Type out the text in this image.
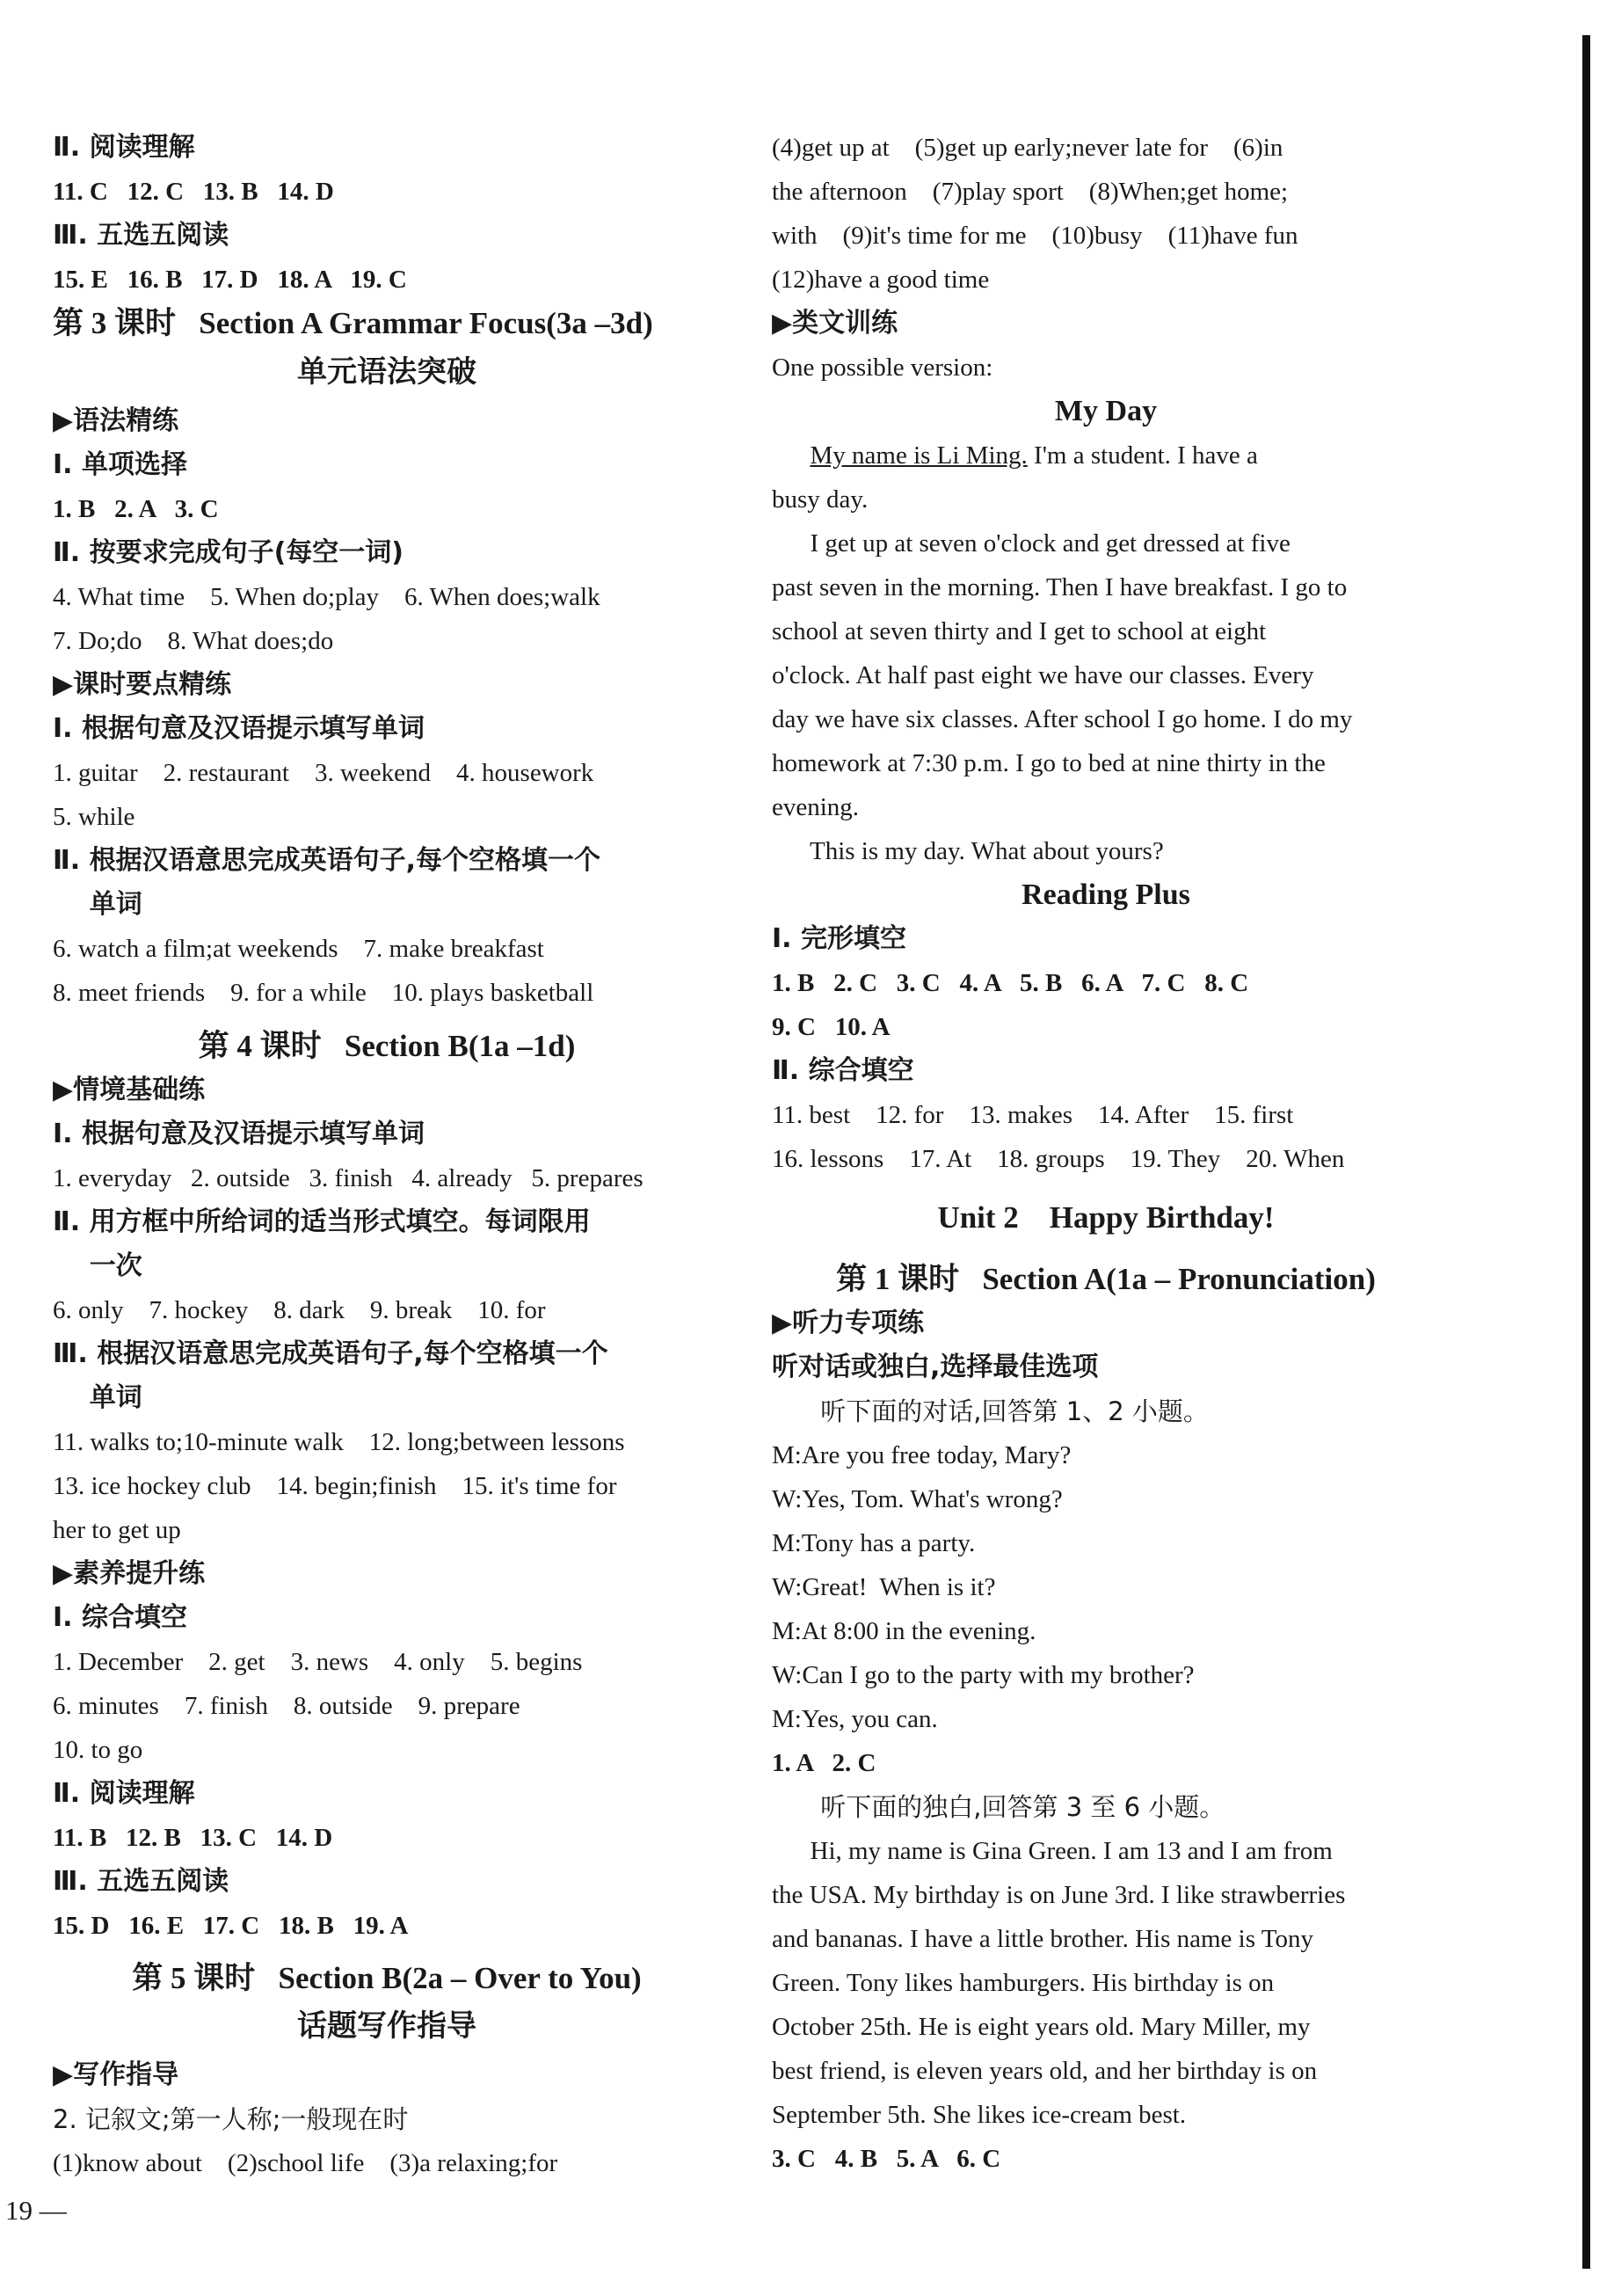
Ⅱ. 阅读理解
11. C   12. C   13. B   14. D
Ⅲ. 五选五阅读
15. E   16. B   17. D   18. A   19. C
第 3 课时   Section A Grammar Focus(3a –3d)
单元语法突破
▶语法精练
Ⅰ. 单项选择
1. B   2. A   3. C
Ⅱ. 按要求完成句子(每空一词)
4. What time    5. When do;play    6. When does;walk
7. Do;do    8. What does;do
▶课时要点精练
Ⅰ. 根据句意及汉语提示填写单词
1. guitar    2. restaurant    3. weekend    4. housework
5. while
Ⅱ. 根据汉语意思完成英语句子,每个空格填一个
单词
6. watch a film;at weekends    7. make breakfast
8. meet friends    9. for a while    10. plays basketball
第 4 课时   Section B(1a –1d)
▶情境基础练
Ⅰ. 根据句意及汉语提示填写单词
1. everyday   2. outside   3. finish   4. already   5. prepares
Ⅱ. 用方框中所给词的适当形式填空。每词限用
一次
6. only    7. hockey    8. dark    9. break    10. for
Ⅲ. 根据汉语意思完成英语句子,每个空格填一个
单词
11. walks to;10-minute walk    12. long;between lessons
13. ice hockey club    14. begin;finish    15. it's time for
her to get up
▶素养提升练
Ⅰ. 综合填空
1. December    2. get    3. news    4. only    5. begins
6. minutes    7. finish    8. outside    9. prepare
10. to go
Ⅱ. 阅读理解
11. B   12. B   13. C   14. D
Ⅲ. 五选五阅读
15. D   16. E   17. C   18. B   19. A
第 5 课时   Section B(2a – Over to You)
话题写作指导
▶写作指导
2. 记叙文;第一人称;一般现在时
(1)know about    (2)school life    (3)a relaxing;for
(4)get up at    (5)get up early;never late for    (6)in
the afternoon    (7)play sport    (8)When;get home;
with    (9)it's time for me    (10)busy    (11)have fun
(12)have a good time
▶类文训练
One possible version:
My Day
My name is Li Ming. I'm a student. I have a
busy day.
I get up at seven o'clock and get dressed at five
past seven in the morning. Then I have breakfast. I go to
school at seven thirty and I get to school at eight
o'clock. At half past eight we have our classes. Every
day we have six classes. After school I go home. I do my
homework at 7:30 p.m. I go to bed at nine thirty in the
evening.
This is my day. What about yours?
Reading Plus
Ⅰ. 完形填空
1. B   2. C   3. C   4. A   5. B   6. A   7. C   8. C
9. C   10. A
Ⅱ. 综合填空
11. best    12. for    13. makes    14. After    15. first
16. lessons    17. At    18. groups    19. They    20. When
Unit 2    Happy Birthday!
第 1 课时   Section A(1a – Pronunciation)
▶听力专项练
听对话或独白,选择最佳选项
听下面的对话,回答第 1、2 小题。
M:Are you free today, Mary?
W:Yes, Tom. What's wrong?
M:Tony has a party.
W:Great!  When is it?
M:At 8:00 in the evening.
W:Can I go to the party with my brother?
M:Yes, you can.
1. A   2. C
听下面的独白,回答第 3 至 6 小题。
Hi, my name is Gina Green. I am 13 and I am from
the USA. My birthday is on June 3rd. I like strawberries
and bananas. I have a little brother. His name is Tony
Green. Tony likes hamburgers. His birthday is on
October 25th. He is eight years old. Mary Miller, my
best friend, is eleven years old, and her birthday is on
September 5th. She likes ice-cream best.
3. C   4. B   5. A   6. C
19 —
